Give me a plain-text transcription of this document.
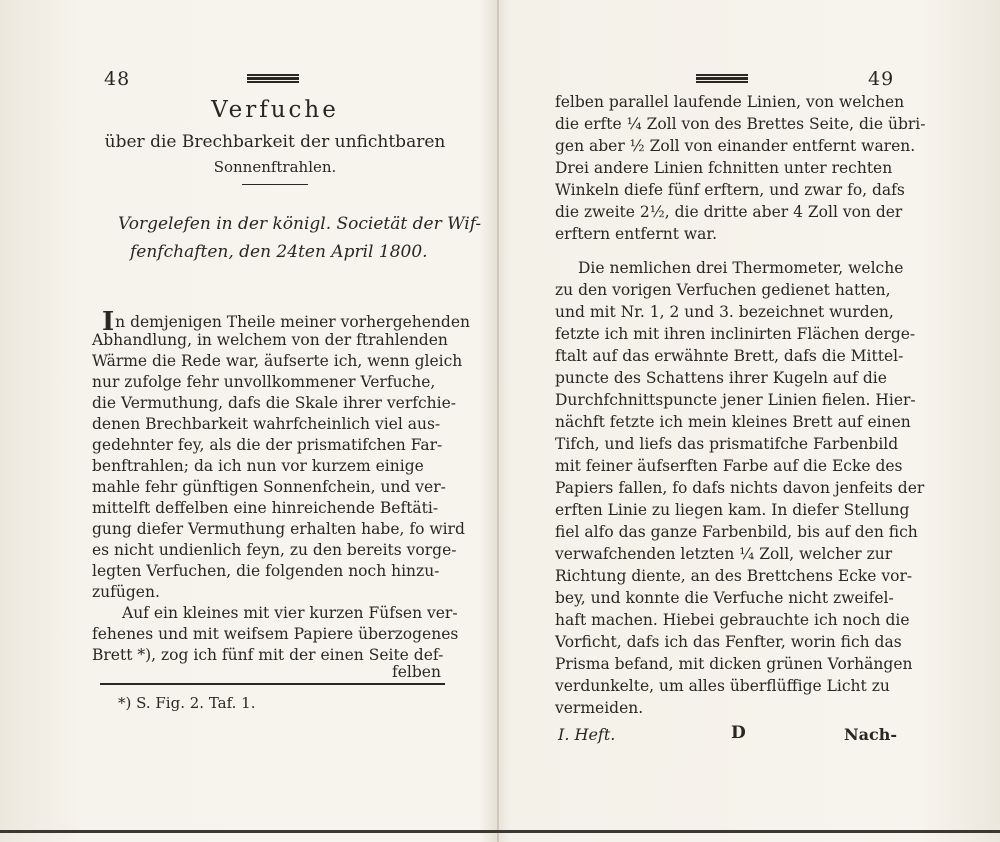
48
Verfuche
über die Brechbarkeit der unfichtbaren
Sonnenftrahlen.
Vorgelefen in der königl. Societät der Wif-
fenfchaften, den 24ten April 1800.
In demjenigen Theile meiner vorhergehenden
Abhandlung, in welchem von der ftrahlenden
Wärme die Rede war, äufserte ich, wenn gleich
nur zufolge fehr unvollkommener Verfuche,
die Vermuthung, dafs die Skale ihrer verfchie-
denen Brechbarkeit wahrfcheinlich viel aus-
gedehnter fey, als die der prismatifchen Far-
benftrahlen; da ich nun vor kurzem einige
mahle fehr günftigen Sonnenfchein, und ver-
mittelft deffelben eine hinreichende Beftäti-
gung diefer Vermuthung erhalten habe, fo wird
es nicht undienlich feyn, zu den bereits vorge-
legten Verfuchen, die folgenden noch hinzu-
zufügen.
Auf ein kleines mit vier kurzen Füfsen ver-
fehenes und mit weifsem Papiere überzogenes
Brett *), zog ich fünf mit der einen Seite def-
felben
*) S. Fig. 2. Taf. 1.
49
felben parallel laufende Linien, von welchen
die erfte ¼ Zoll von des Brettes Seite, die übri-
gen aber ½ Zoll von einander entfernt waren.
Drei andere Linien fchnitten unter rechten
Winkeln diefe fünf erftern, und zwar fo, dafs
die zweite 2½, die dritte aber 4 Zoll von der
erftern entfernt war.
Die nemlichen drei Thermometer, welche
zu den vorigen Verfuchen gedienet hatten,
und mit Nr. 1, 2 und 3. bezeichnet wurden,
fetzte ich mit ihren inclinirten Flächen derge-
ftalt auf das erwähnte Brett, dafs die Mittel-
puncte des Schattens ihrer Kugeln auf die
Durchfchnittspuncte jener Linien fielen. Hier-
nächft fetzte ich mein kleines Brett auf einen
Tifch, und liefs das prismatifche Farbenbild
mit feiner äufserften Farbe auf die Ecke des
Papiers fallen, fo dafs nichts davon jenfeits der
erften Linie zu liegen kam. In diefer Stellung
fiel alfo das ganze Farbenbild, bis auf den fich
verwafchenden letzten ¼ Zoll, welcher zur
Richtung diente, an des Brettchens Ecke vor-
bey, und konnte die Verfuche nicht zweifel-
haft machen. Hiebei gebrauchte ich noch die
Vorficht, dafs ich das Fenfter, worin fich das
Prisma befand, mit dicken grünen Vorhängen
verdunkelte, um alles überflüffige Licht zu
vermeiden.
I. Heft.	D	Nach-
